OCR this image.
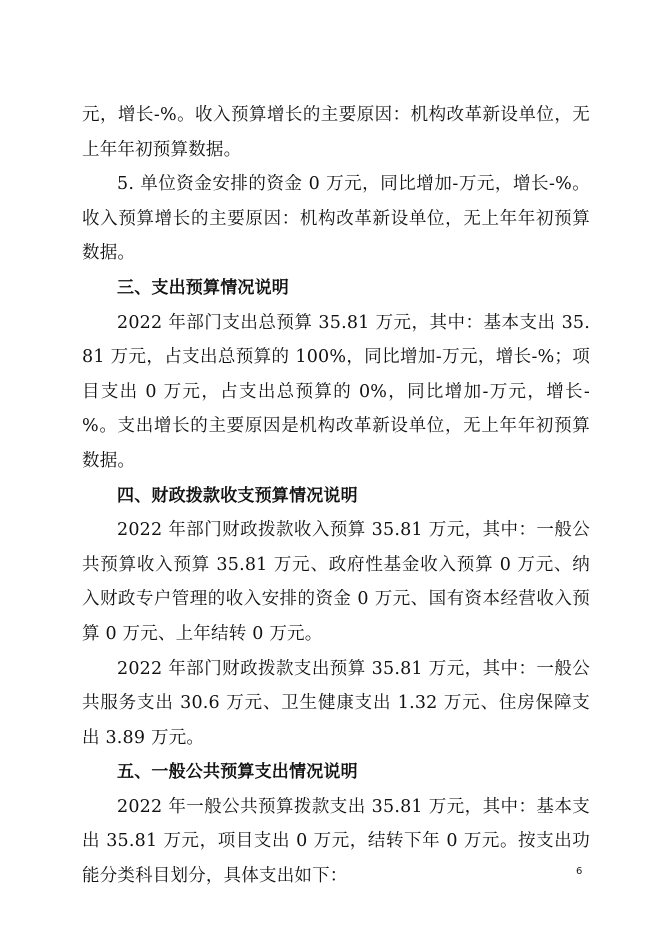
元，增长-%。收入预算增长的主要原因：机构改革新设单位，无上年年初预算数据。

5. 单位资金安排的资金 0 万元，同比增加-万元，增长-%。收入预算增长的主要原因：机构改革新设单位，无上年年初预算数据。

三、支出预算情况说明

2022 年部门支出总预算 35.81 万元，其中：基本支出 35.81 万元，占支出总预算的 100%，同比增加-万元，增长-%；项目支出 0 万元，占支出总预算的 0%，同比增加-万元，增长-%。支出增长的主要原因是机构改革新设单位，无上年年初预算数据。

四、财政拨款收支预算情况说明

2022 年部门财政拨款收入预算 35.81 万元，其中：一般公共预算收入预算 35.81 万元、政府性基金收入预算 0 万元、纳入财政专户管理的收入安排的资金 0 万元、国有资本经营收入预算 0 万元、上年结转 0 万元。

2022 年部门财政拨款支出预算 35.81 万元，其中：一般公共服务支出 30.6 万元、卫生健康支出 1.32 万元、住房保障支出 3.89 万元。

五、一般公共预算支出情况说明

2022 年一般公共预算拨款支出 35.81 万元，其中：基本支出 35.81 万元，项目支出 0 万元，结转下年 0 万元。按支出功能分类科目划分，具体支出如下：	6
